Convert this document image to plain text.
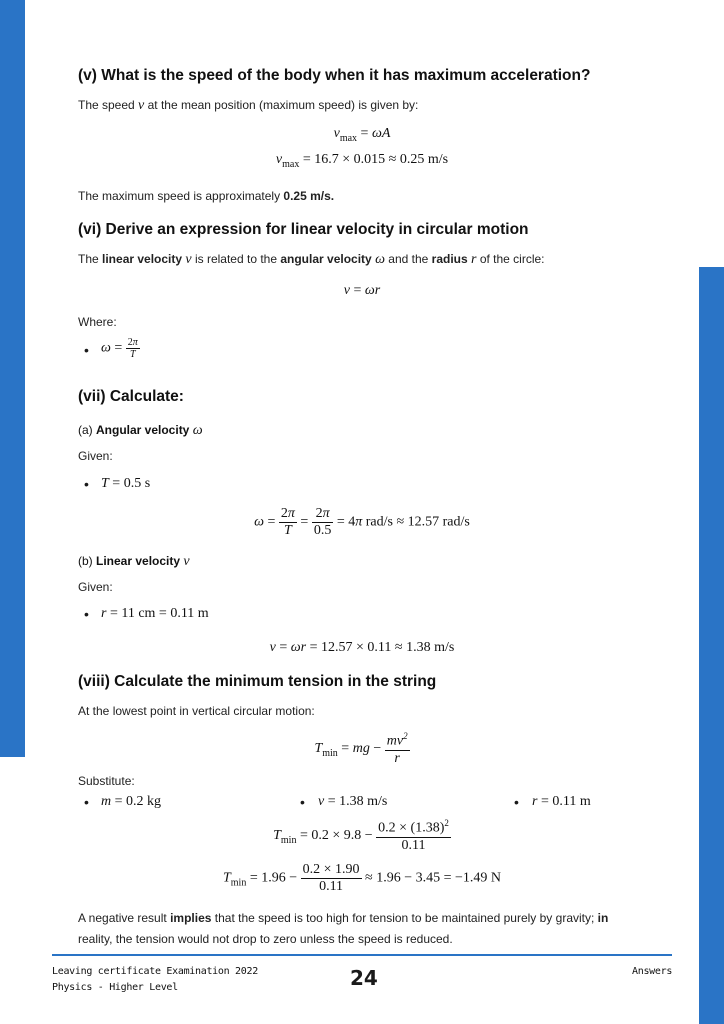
(v) What is the speed of the body when it has maximum acceleration?
The speed v at the mean position (maximum speed) is given by:
$v_{max} = \omega A$
$v_{max} = 16.7 \times 0.015 \approx 0.25$ m/s
The maximum speed is approximately 0.25 m/s.
(vi) Derive an expression for linear velocity in circular motion
The linear velocity v is related to the angular velocity ω and the radius r of the circle:
v = ωr
Where:
• $\omega = \frac{2\pi}{T}$
(vii) Calculate:
(a) Angular velocity ω
Given:
• T = 0.5 s
$\omega = \frac{2\pi}{T} = \frac{2\pi}{0.5} = 4\pi$ rad/s ≈ 12.57 rad/s
(b) Linear velocity v
Given:
• r = 11 cm = 0.11 m
v = ωr = 12.57 × 0.11 ≈ 1.38 m/s
(viii) Calculate the minimum tension in the string
At the lowest point in vertical circular motion:
$T_{min}$ = mg − $\frac{mv^2}{r}$
Substitute:
• m = 0.2 kg	• v = 1.38 m/s	• r = 0.11 m
$T_{min} = 0.2 \times 9.8 - \frac{0.2 \times (1.38)^2}{0.11}$
$T_{min} = 1.96 - \frac{0.2 \times 1.90}{0.11} \approx 1.96 - 3.45 = -1.49$ N
A negative result implies that the speed is too high for tension to be maintained purely by gravity; in
reality, the tension would not drop to zero unless the speed is reduced.
Leaving certificate Examination 2022
Physics - Higher Level	24	Answers
